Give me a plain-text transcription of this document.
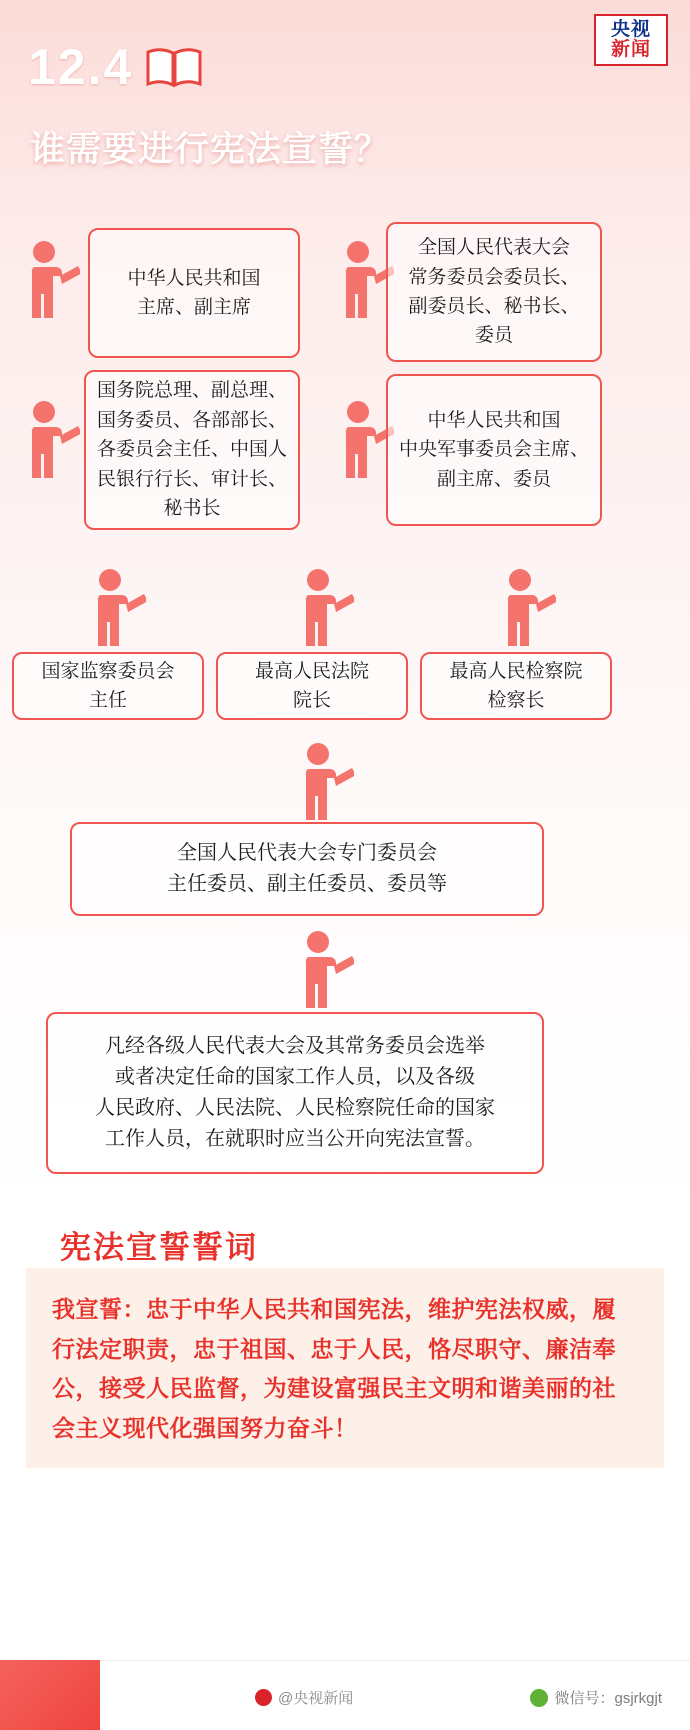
央视
新闻
12.4
谁需要进行宪法宣誓？
中华人民共和国
主席、副主席
全国人民代表大会
常务委员会委员长、
副委员长、秘书长、
委员
国务院总理、副总理、
国务委员、各部部长、
各委员会主任、中国人
民银行行长、审计长、
秘书长
中华人民共和国
中央军事委员会主席、
副主席、委员
国家监察委员会
主任
最高人民法院
院长
最高人民检察院
检察长
全国人民代表大会专门委员会
主任委员、副主任委员、委员等
凡经各级人民代表大会及其常务委员会选举
或者决定任命的国家工作人员，以及各级
人民政府、人民法院、人民检察院任命的国家
工作人员，在就职时应当公开向宪法宣誓。
宪法宣誓誓词
我宣誓：忠于中华人民共和国宪法，维护宪法权威，履行法定职责，忠于祖国、忠于人民，恪尽职守、廉洁奉公，接受人民监督，为建设富强民主文明和谐美丽的社会主义现代化强国努力奋斗！
@央视新闻	微信号：gsjrkgjt
